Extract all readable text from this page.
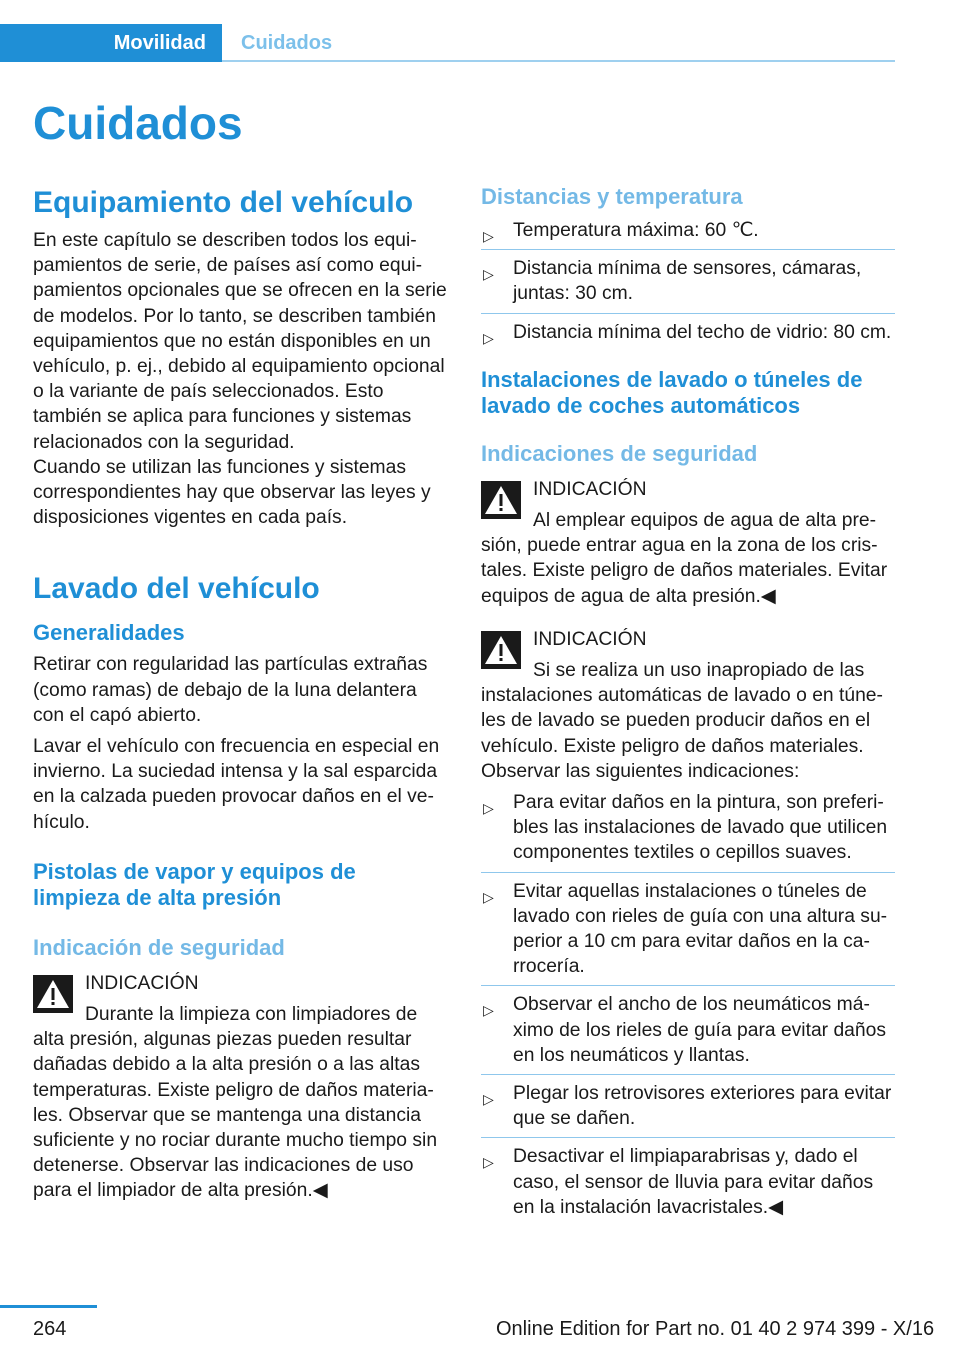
Movilidad Cuidados
Cuidados
Equipamiento del vehículo

En este capítulo se describen todos los equipamientos de serie, de países así como equipamientos opcionales que se ofrecen en la serie de modelos. Por lo tanto, se describen también equipamientos que no están disponibles en un vehículo, p. ej., debido al equipamiento opcional o la variante de país seleccionados. Esto también se aplica para funciones y sistemas relacionados con la seguridad.

Cuando se utilizan las funciones y sistemas correspondientes hay que observar las leyes y disposiciones vigentes en cada país.

Lavado del vehículo
Generalidades

Retirar con regularidad las partículas extrañas (como ramas) de debajo de la luna delantera con el capó abierto.

Lavar el vehículo con frecuencia en especial en invierno. La suciedad intensa y la sal esparcida en la calzada pueden provocar daños en el vehículo.

Pistolas de vapor y equipos de limpieza de alta presión
Indicación de seguridad

INDICACIÓN

Durante la limpieza con limpiadores de alta presión, algunas piezas pueden resultar dañadas debido a la alta presión o a las altas temperaturas. Existe peligro de daños materiales. Observar que se mantenga una distancia suficiente y no rociar durante mucho tiempo sin detenerse. Observar las indicaciones de uso para el limpiador de alta presión.◀

Distancias y temperatura
▷ Temperatura máxima: 60 ℃.
▷ Distancia mínima de sensores, cámaras, juntas: 30 cm.
▷ Distancia mínima del techo de vidrio: 80 cm.
Instalaciones de lavado o túneles de lavado de coches automáticos
Indicaciones de seguridad

INDICACIÓN

Al emplear equipos de agua de alta presión, puede entrar agua en la zona de los cristales. Existe peligro de daños materiales. Evitar equipos de agua de alta presión.◀

INDICACIÓN

Si se realiza un uso inapropiado de las instalaciones automáticas de lavado o en túneles de lavado se pueden producir daños en el vehículo. Existe peligro de daños materiales. Observar las siguientes indicaciones:

▷ Para evitar daños en la pintura, son preferibles las instalaciones de lavado que utilicen componentes textiles o cepillos suaves.
▷ Evitar aquellas instalaciones o túneles de lavado con rieles de guía con una altura superior a 10 cm para evitar daños en la carrocería.
▷ Observar el ancho de los neumáticos máximo de los rieles de guía para evitar daños en los neumáticos y llantas.
▷ Plegar los retrovisores exteriores para evitar que se dañen.
▷ Desactivar el limpiaparabrisas y, dado el caso, el sensor de lluvia para evitar daños en la instalación lavacristales.◀
264	Online Edition for Part no. 01 40 2 974 399 - X/16
